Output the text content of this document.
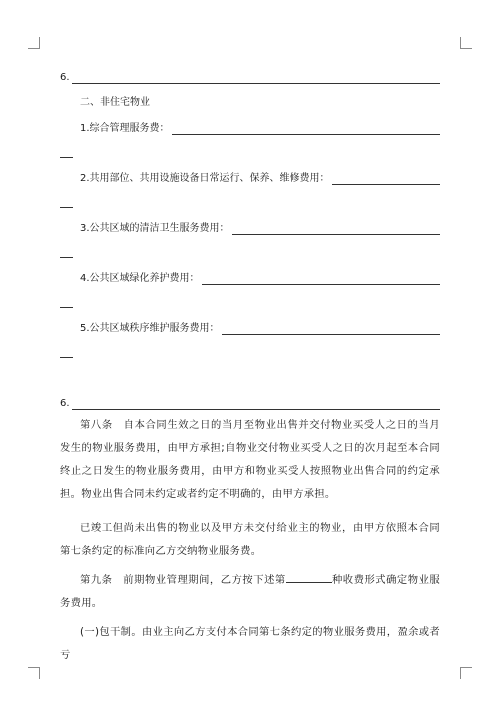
6.
二、非住宅物业
1.综合管理服务费：
2.共用部位、共用设施设备日常运行、保养、维修费用：
3.公共区域的清洁卫生服务费用：
4.公共区域绿化养护费用：
5.公共区域秩序维护服务费用：
6.

第八条　自本合同生效之日的当月至物业出售并交付物业买受人之日的当月发生的物业服务费用，由甲方承担;自物业交付物业买受人之日的次月起至本合同终止之日发生的物业服务费用，由甲方和物业买受人按照物业出售合同的约定承担。物业出售合同未约定或者约定不明确的，由甲方承担。

已竣工但尚未出售的物业以及甲方未交付给业主的物业，由甲方依照本合同第七条约定的标准向乙方交纳物业服务费。

第九条　前期物业管理期间，乙方按下述第	种收费形式确定物业服务费用。

(一)包干制。由业主向乙方支付本合同第七条约定的物业服务费用，盈余或者亏
